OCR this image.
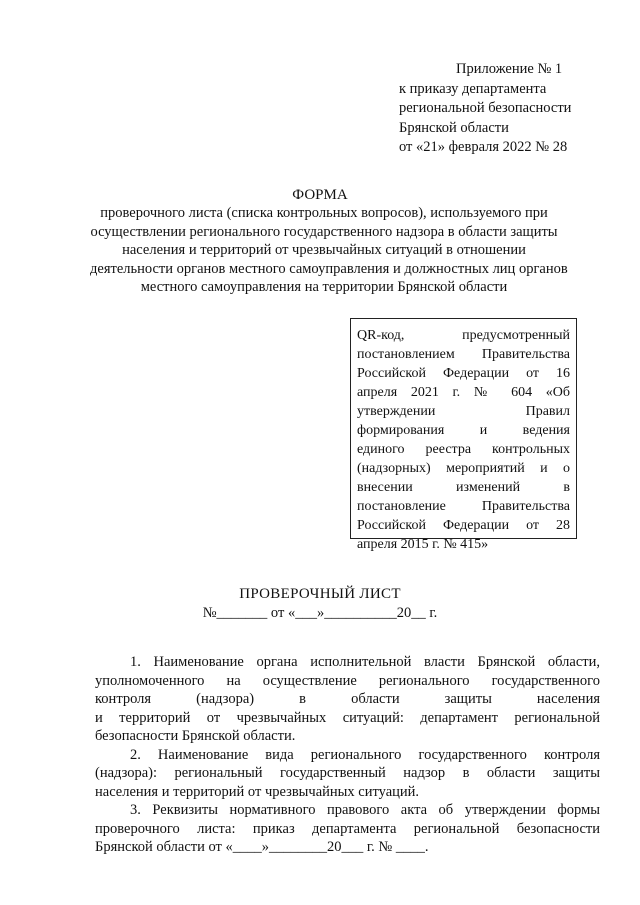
Приложение № 1
к приказу департамента
региональной безопасности
Брянской области
от «21» февраля 2022 № 28
ФОРМА
проверочного листа (списка контрольных вопросов), используемого при
осуществлении регионального государственного надзора в области защиты
населения и территорий от чрезвычайных ситуаций в отношении
деятельности органов местного самоуправления и должностных лиц органов
местного самоуправления на территории Брянской области
QR-код, предусмотренный
постановлением Правительства
Российской Федерации от 16
апреля 2021 г. № 604 «Об
утверждении Правил
формирования и ведения
единого реестра контрольных
(надзорных) мероприятий и о
внесении изменений в
постановление Правительства
Российской Федерации от 28
апреля 2015 г. № 415»
ПРОВЕРОЧНЫЙ ЛИСТ
№_______ от «___»__________20__ г.
1. Наименование органа исполнительной власти Брянской области,
уполномоченного на осуществление регионального государственного
контроля (надзора) в области защиты населения
и территорий от чрезвычайных ситуаций: департамент региональной
безопасности Брянской области.
2. Наименование вида регионального государственного контроля
(надзора): региональный государственный надзор в области защиты
населения и территорий от чрезвычайных ситуаций.
3. Реквизиты нормативного правового акта об утверждении формы
проверочного листа: приказ департамента региональной безопасности
Брянской области от «____»________20___ г. № ____.
